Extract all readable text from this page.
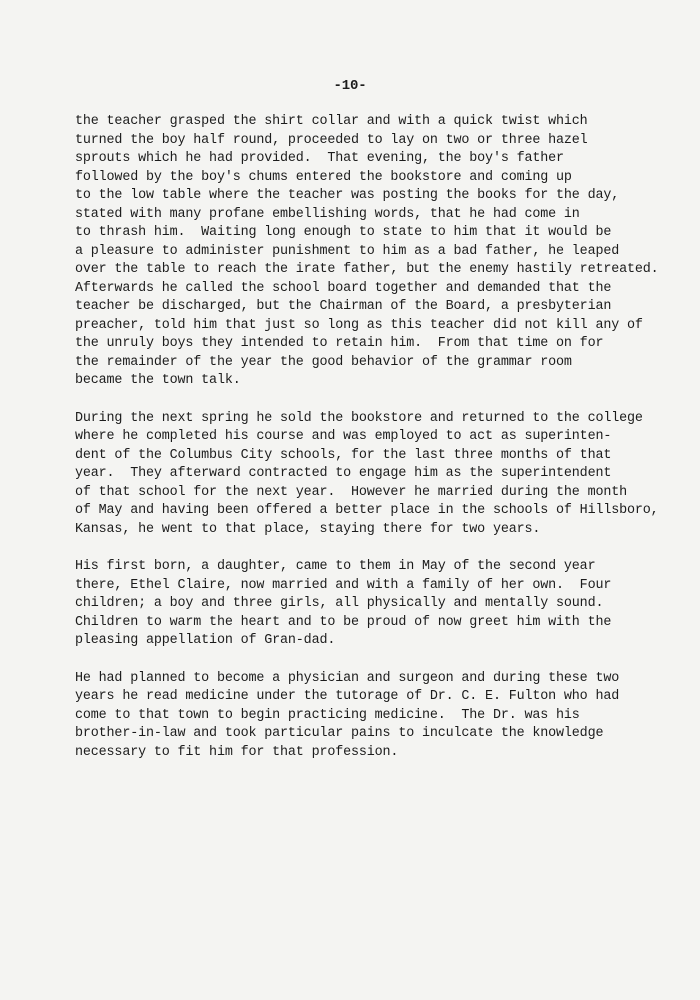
-10-

the teacher grasped the shirt collar and with a quick twist which
turned the boy half round, proceeded to lay on two or three hazel
sprouts which he had provided.  That evening, the boy's father
followed by the boy's chums entered the bookstore and coming up
to the low table where the teacher was posting the books for the day,
stated with many profane embellishing words, that he had come in
to thrash him.  Waiting long enough to state to him that it would be
a pleasure to administer punishment to him as a bad father, he leaped
over the table to reach the irate father, but the enemy hastily retreated.
Afterwards he called the school board together and demanded that the
teacher be discharged, but the Chairman of the Board, a presbyterian
preacher, told him that just so long as this teacher did not kill any of
the unruly boys they intended to retain him.  From that time on for
the remainder of the year the good behavior of the grammar room
became the town talk.

During the next spring he sold the bookstore and returned to the college
where he completed his course and was employed to act as superinten-
dent of the Columbus City schools, for the last three months of that
year.  They afterward contracted to engage him as the superintendent
of that school for the next year.  However he married during the month
of May and having been offered a better place in the schools of Hillsboro,
Kansas, he went to that place, staying there for two years.

His first born, a daughter, came to them in May of the second year
there, Ethel Claire, now married and with a family of her own.  Four
children; a boy and three girls, all physically and mentally sound.
Children to warm the heart and to be proud of now greet him with the
pleasing appellation of Gran-dad.

He had planned to become a physician and surgeon and during these two
years he read medicine under the tutorage of Dr. C. E. Fulton who had
come to that town to begin practicing medicine.  The Dr. was his
brother-in-law and took particular pains to inculcate the knowledge
necessary to fit him for that profession.
